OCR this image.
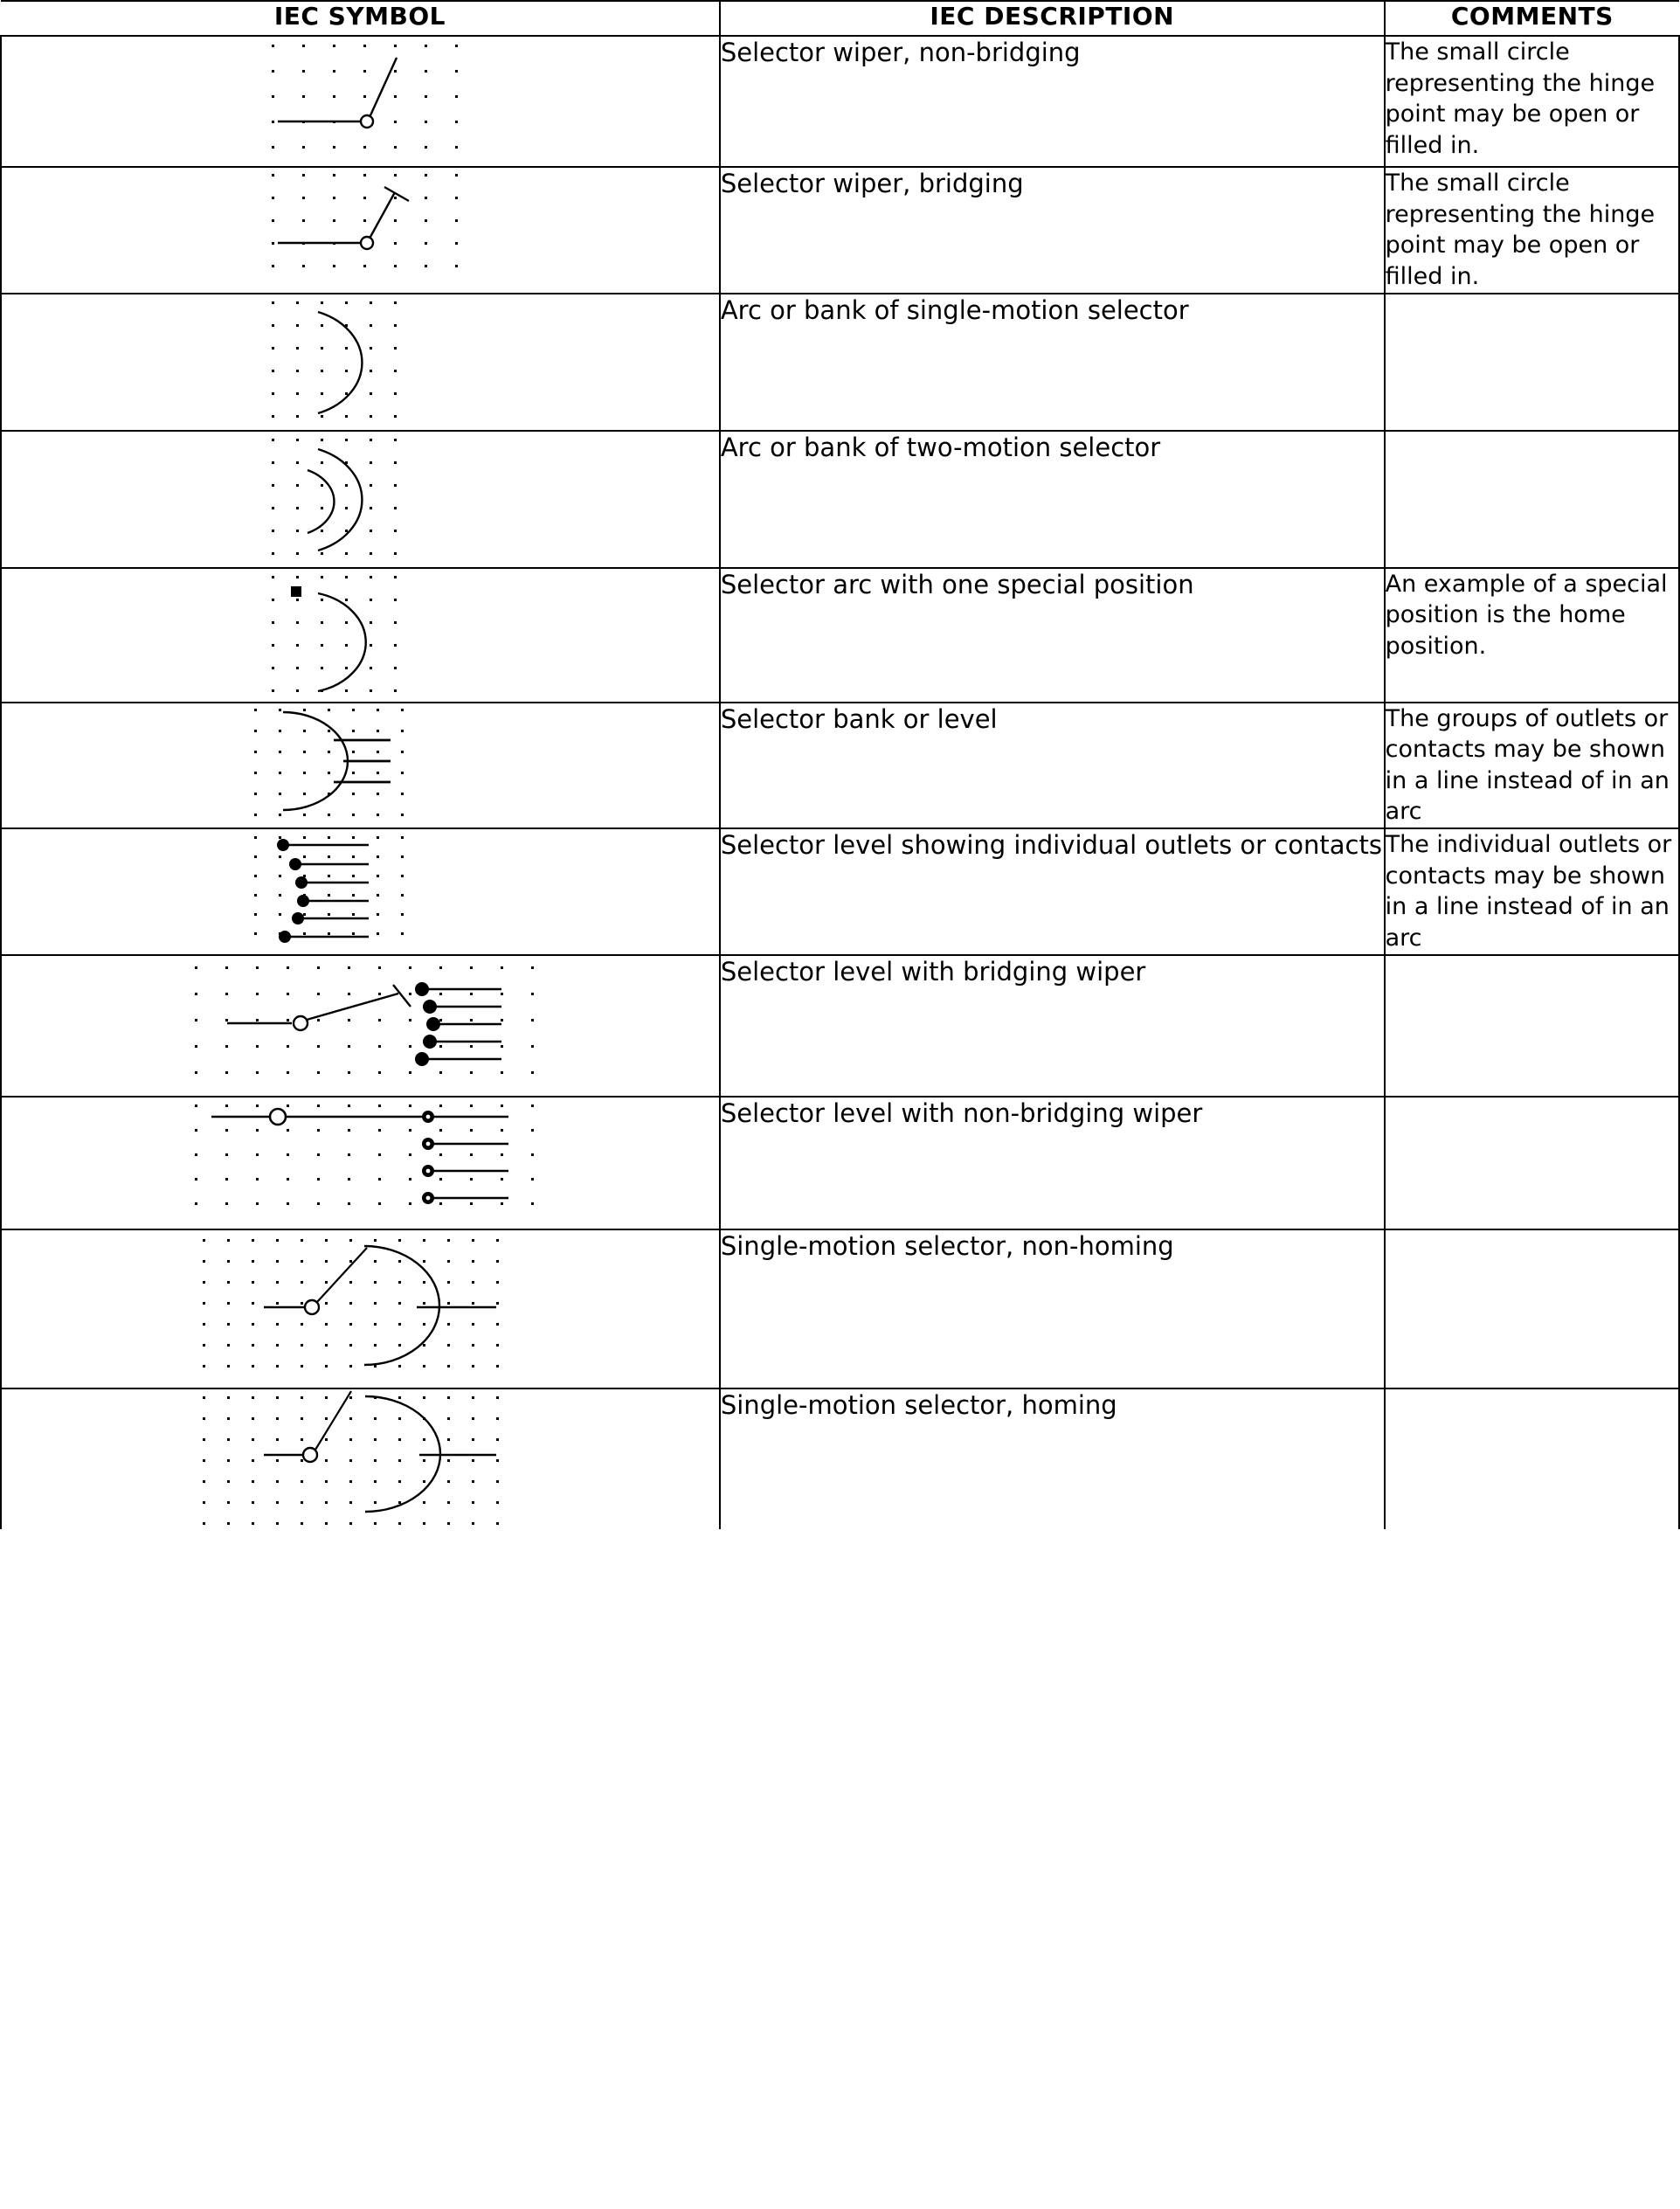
IEC SYMBOL	IEC DESCRIPTION	COMMENTS

	Selector wiper, non-bridging	The small circle representing the hinge point may be open or filled in.

	Selector wiper, bridging	The small circle representing the hinge point may be open or filled in.

	Arc or bank of single-motion selector	

	Arc or bank of two-motion selector	

	Selector arc with one special position	An example of a special position is the home position.

	Selector bank or level	The groups of outlets or contacts may be shown in a line instead of in an arc

	Selector level showing individual outlets or contacts	The individual outlets or contacts may be shown in a line instead of in an arc

	Selector level with bridging wiper	

	Selector level with non-bridging wiper	

	Single-motion selector, non-homing	

	Single-motion selector, homing	
